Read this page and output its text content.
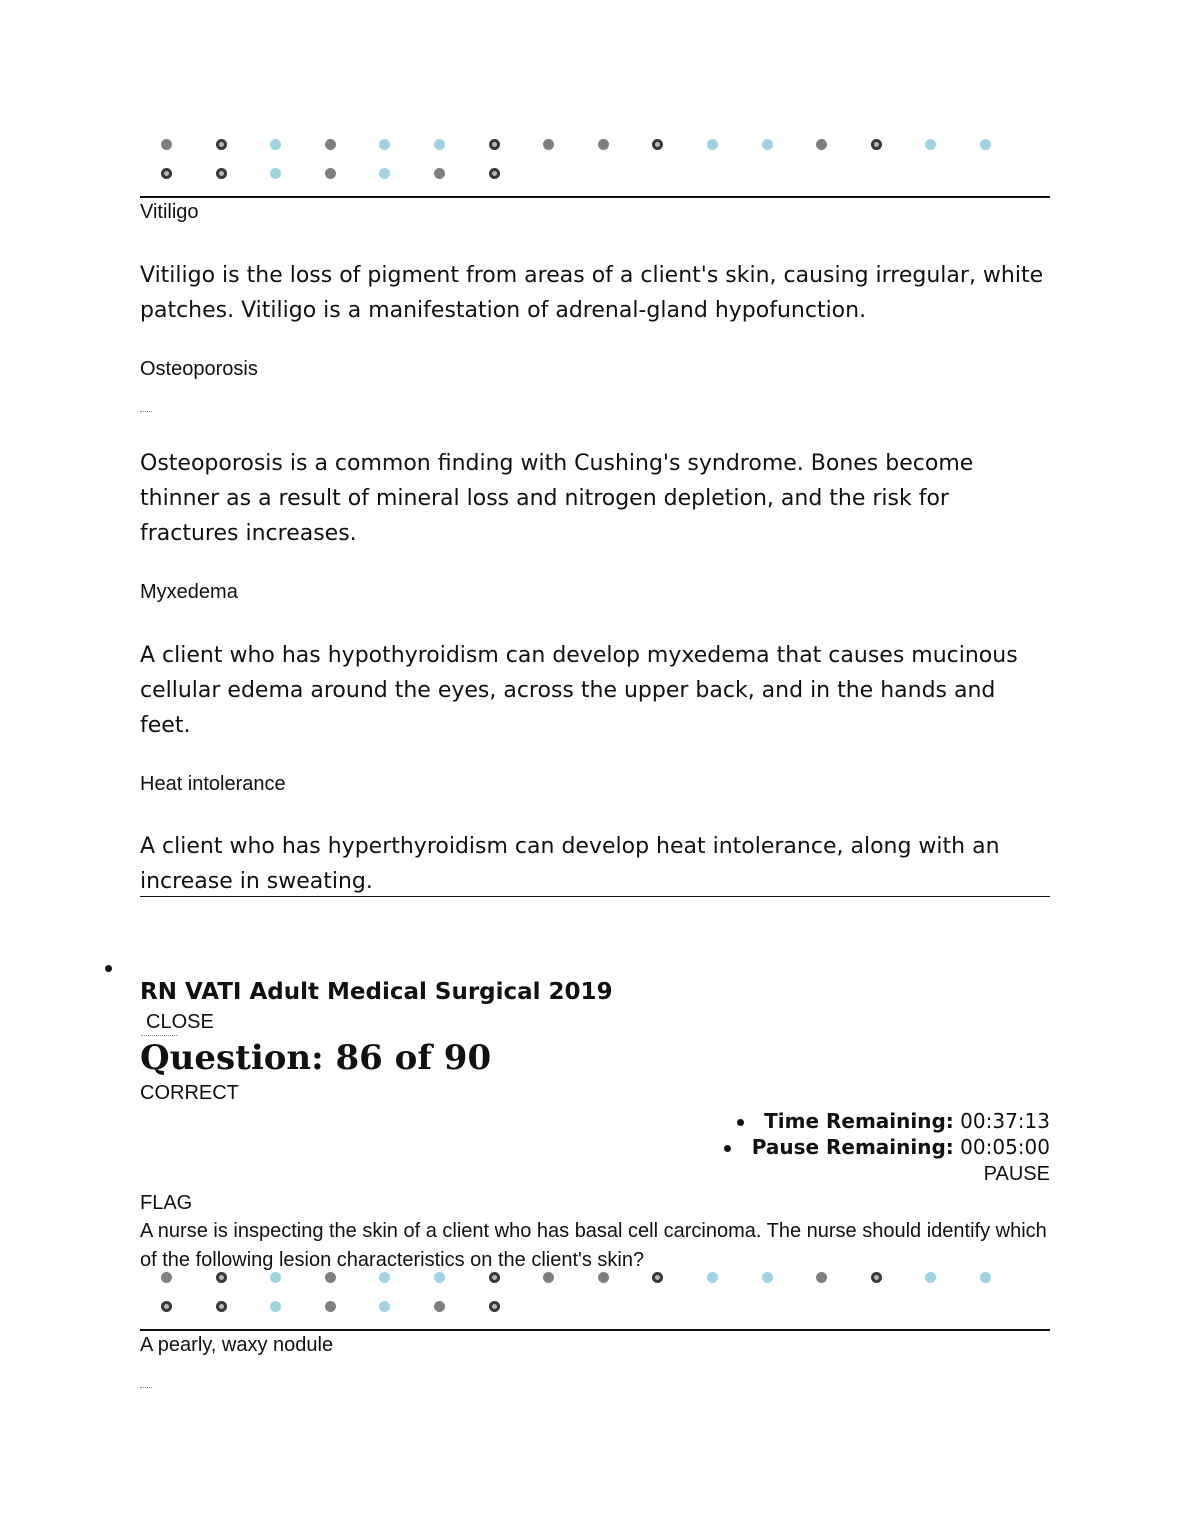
Vitiligo
Vitiligo is the loss of pigment from areas of a client's skin, causing irregular, white patches. Vitiligo is a manifestation of adrenal-gland hypofunction.
Osteoporosis
Osteoporosis is a common finding with Cushing's syndrome. Bones become thinner as a result of mineral loss and nitrogen depletion, and the risk for fractures increases.
Myxedema
A client who has hypothyroidism can develop myxedema that causes mucinous cellular edema around the eyes, across the upper back, and in the hands and feet.
Heat intolerance
A client who has hyperthyroidism can develop heat intolerance, along with an increase in sweating.
RN VATI Adult Medical Surgical 2019
CLOSE
Question: 86 of 90
CORRECT
Time Remaining: 00:37:13
Pause Remaining: 00:05:00
PAUSE
FLAG
A nurse is inspecting the skin of a client who has basal cell carcinoma. The nurse should identify which of the following lesion characteristics on the client's skin?
A pearly, waxy nodule
